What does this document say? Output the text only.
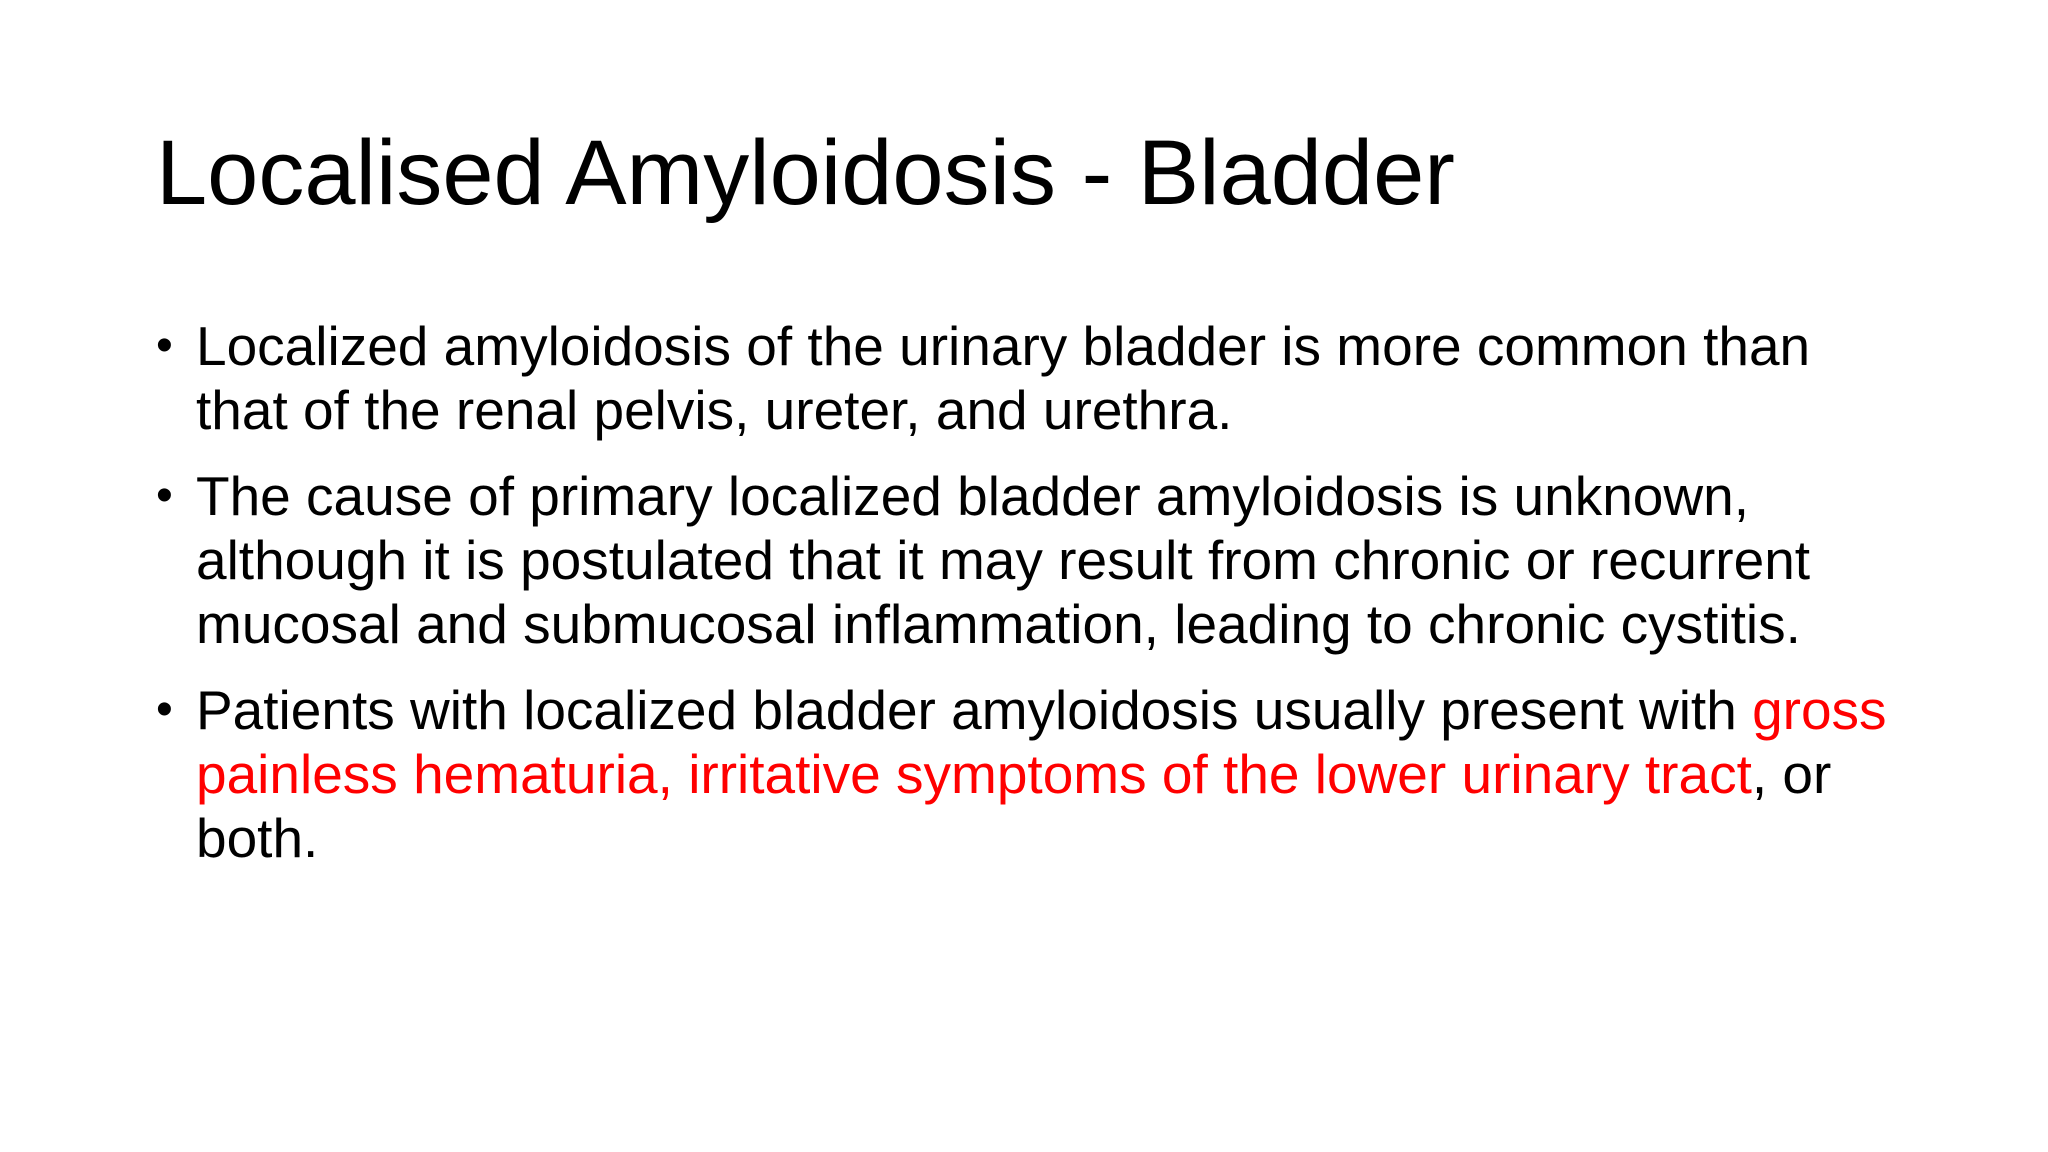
Localised Amyloidosis - Bladder
• Localized amyloidosis of the urinary bladder is more common than that of the renal pelvis, ureter, and urethra.
• The cause of primary localized bladder amyloidosis is unknown, although it is postulated that it may result from chronic or recurrent mucosal and submucosal inflammation, leading to chronic cystitis.
• Patients with localized bladder amyloidosis usually present with gross painless hematuria, irritative symptoms of the lower urinary tract, or both.
